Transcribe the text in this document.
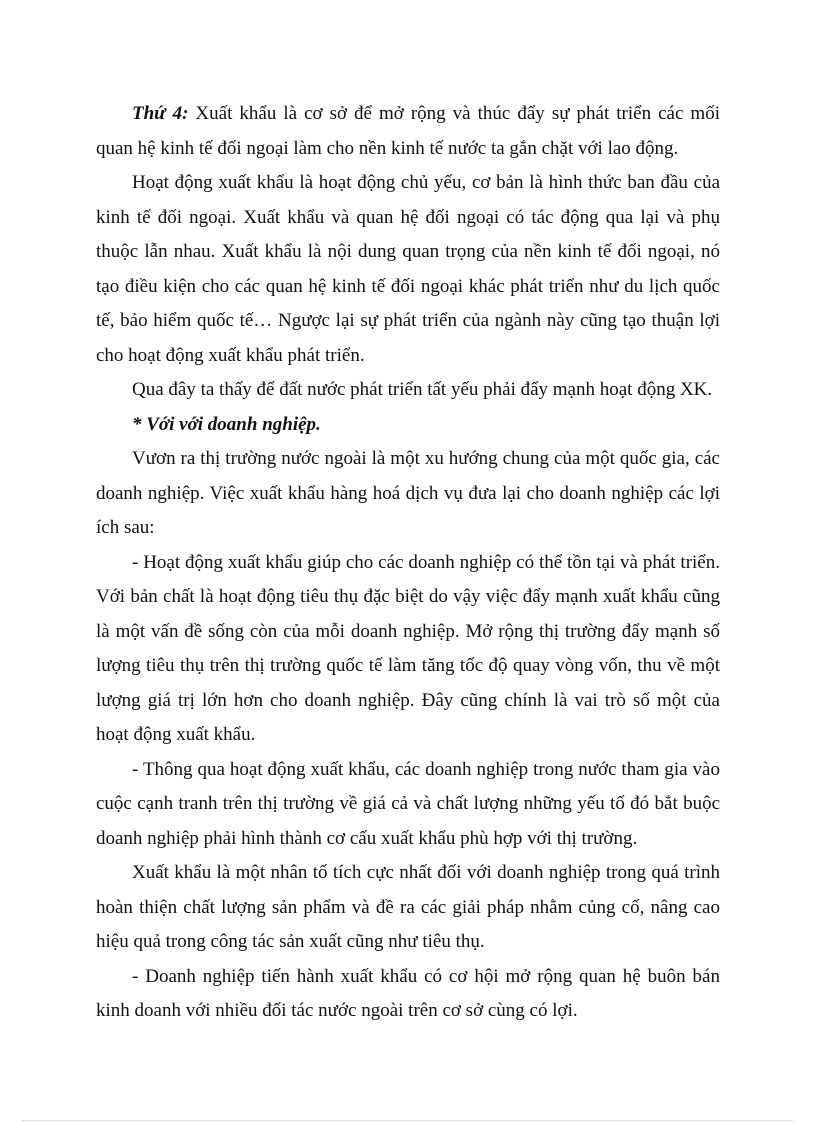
Thứ 4: Xuất khẩu là cơ sở để mở rộng và thúc đẩy sự phát triển các mối quan hệ kinh tế đối ngoại làm cho nền kinh tế nước ta gắn chặt với lao động.

Hoạt động xuất khẩu là hoạt động chủ yếu, cơ bản là hình thức ban đầu của kinh tế đối ngoại. Xuất khẩu và quan hệ đối ngoại có tác động qua lại và phụ thuộc lẫn nhau. Xuất khẩu là nội dung quan trọng của nền kinh tế đối ngoại, nó tạo điều kiện cho các quan hệ kinh tế đối ngoại khác phát triển như du lịch quốc tế, bảo hiểm quốc tế… Ngược lại sự phát triển của ngành này cũng tạo thuận lợi cho hoạt động xuất khẩu phát triển.

Qua đây ta thấy để đất nước phát triển tất yếu phải đẩy mạnh hoạt động XK.

* Với với doanh nghiệp.

Vươn ra thị trường nước ngoài là một xu hướng chung của một quốc gia, các doanh nghiệp. Việc xuất khẩu hàng hoá dịch vụ đưa lại cho doanh nghiệp các lợi ích sau:

- Hoạt động xuất khẩu giúp cho các doanh nghiệp có thể tồn tại và phát triển. Với bản chất là hoạt động tiêu thụ đặc biệt do vậy việc đẩy mạnh xuất khẩu cũng là một vấn đề sống còn của mỗi doanh nghiệp. Mở rộng thị trường đẩy mạnh số lượng tiêu thụ trên thị trường quốc tế làm tăng tốc độ quay vòng vốn, thu về một lượng giá trị lớn hơn cho doanh nghiệp. Đây cũng chính là vai trò số một của hoạt động xuất khẩu.

- Thông qua hoạt động xuất khẩu, các doanh nghiệp trong nước tham gia vào cuộc cạnh tranh trên thị trường về giá cả và chất lượng những yếu tố đó bắt buộc doanh nghiệp phải hình thành cơ cấu xuất khẩu phù hợp với thị trường.

Xuất khẩu là một nhân tố tích cực nhất đối với doanh nghiệp trong quá trình hoàn thiện chất lượng sản phẩm và đề ra các giải pháp nhằm củng cố, nâng cao hiệu quả trong công tác sản xuất cũng như tiêu thụ.

- Doanh nghiệp tiến hành xuất khẩu có cơ hội mở rộng quan hệ buôn bán kinh doanh với nhiều đối tác nước ngoài trên cơ sở cùng có lợi.
